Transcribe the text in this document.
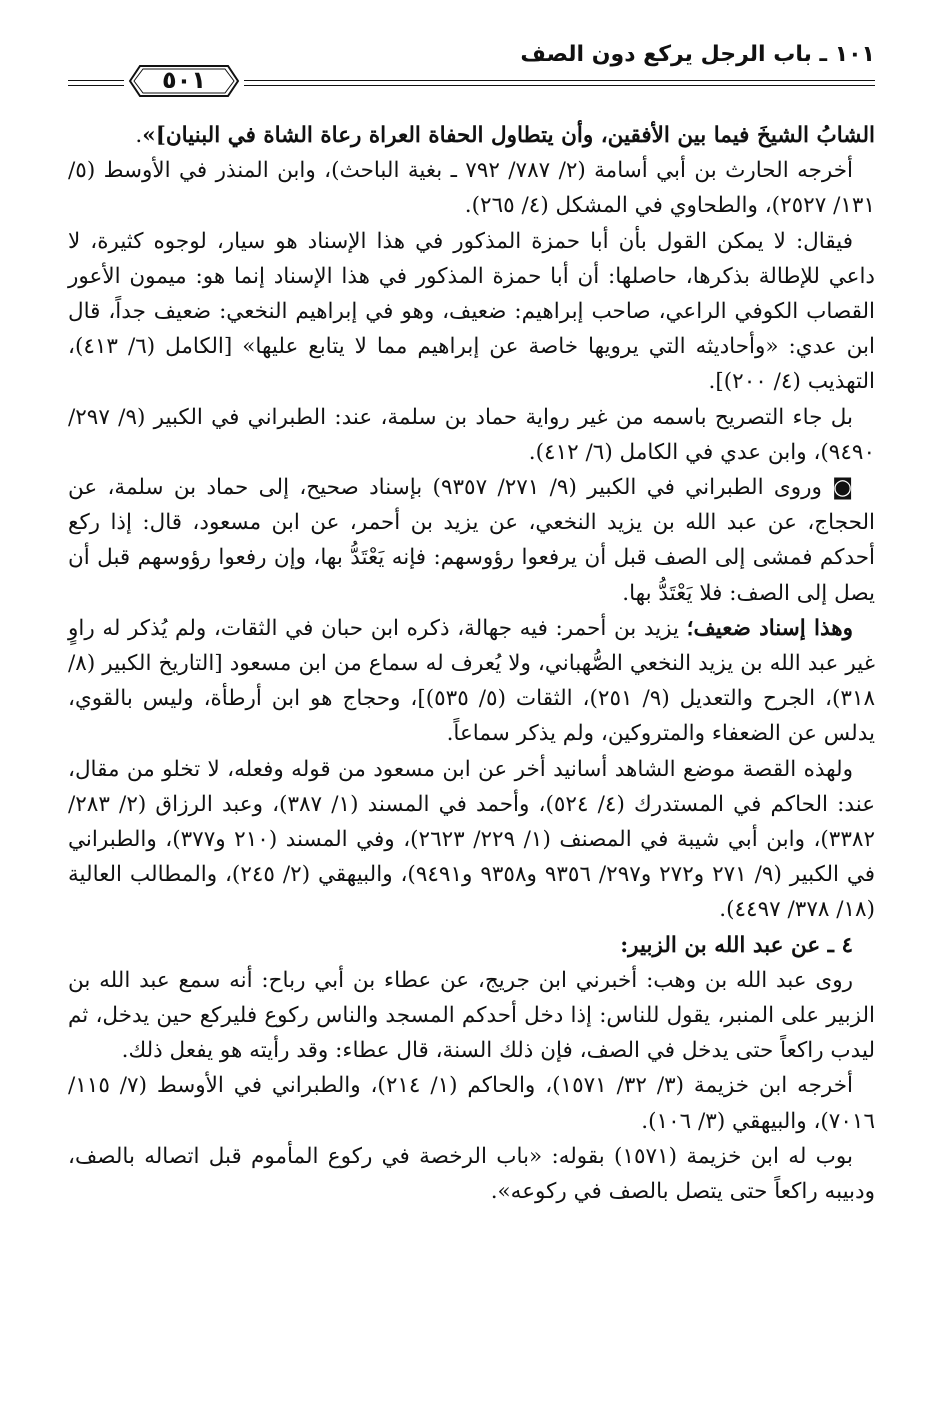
١٠١ ـ باب الرجل يركع دون الصف
٥٠١

الشابُ الشيخَ فيما بين الأفقين، وأن يتطاول الحفاة العراة رعاة الشاة في البنيان]».

أخرجه الحارث بن أبي أسامة (٢/ ٧٨٧/ ٧٩٢ ـ بغية الباحث)، وابن المنذر في الأوسط (٥/ ١٣١/ ٢٥٢٧)، والطحاوي في المشكل (٤/ ٢٦٥).

فيقال: لا يمكن القول بأن أبا حمزة المذكور في هذا الإسناد هو سيار، لوجوه كثيرة، لا داعي للإطالة بذكرها، حاصلها: أن أبا حمزة المذكور في هذا الإسناد إنما هو: ميمون الأعور القصاب الكوفي الراعي، صاحب إبراهيم: ضعيف، وهو في إبراهيم النخعي: ضعيف جداً، قال ابن عدي: «وأحاديثه التي يرويها خاصة عن إبراهيم مما لا يتابع عليها» [الكامل (٦/ ٤١٣)، التهذيب (٤/ ٢٠٠)].

بل جاء التصريح باسمه من غير رواية حماد بن سلمة، عند: الطبراني في الكبير (٩/ ٢٩٧/ ٩٤٩٠)، وابن عدي في الكامل (٦/ ٤١٢).

◙ وروى الطبراني في الكبير (٩/ ٢٧١/ ٩٣٥٧) بإسناد صحيح، إلى حماد بن سلمة، عن الحجاج، عن عبد الله بن يزيد النخعي، عن يزيد بن أحمر، عن ابن مسعود، قال: إذا ركع أحدكم فمشى إلى الصف قبل أن يرفعوا رؤوسهم: فإنه يَعْتَدُّ بها، وإن رفعوا رؤوسهم قبل أن يصل إلى الصف: فلا يَعْتَدُّ بها.

وهذا إسناد ضعيف؛ يزيد بن أحمر: فيه جهالة، ذكره ابن حبان في الثقات، ولم يُذكر له راوٍ غير عبد الله بن يزيد النخعي الصُّهباني، ولا يُعرف له سماع من ابن مسعود [التاريخ الكبير (٨/ ٣١٨)، الجرح والتعديل (٩/ ٢٥١)، الثقات (٥/ ٥٣٥)]، وحجاج هو ابن أرطأة، وليس بالقوي، يدلس عن الضعفاء والمتروكين، ولم يذكر سماعاً.

ولهذه القصة موضع الشاهد أسانيد أخر عن ابن مسعود من قوله وفعله، لا تخلو من مقال، عند: الحاكم في المستدرك (٤/ ٥٢٤)، وأحمد في المسند (١/ ٣٨٧)، وعبد الرزاق (٢/ ٢٨٣/ ٣٣٨٢)، وابن أبي شيبة في المصنف (١/ ٢٢٩/ ٢٦٢٣)، وفي المسند (٢١٠ و٣٧٧)، والطبراني في الكبير (٩/ ٢٧١ و٢٧٢ و٢٩٧/ ٩٣٥٦ و٩٣٥٨ و٩٤٩١)، والبيهقي (٢/ ٢٤٥)، والمطالب العالية (١٨/ ٣٧٨/ ٤٤٩٧).

٤ ـ عن عبد الله بن الزبير:

روى عبد الله بن وهب: أخبرني ابن جريج، عن عطاء بن أبي رباح: أنه سمع عبد الله بن الزبير على المنبر، يقول للناس: إذا دخل أحدكم المسجد والناس ركوع فليركع حين يدخل، ثم ليدب راكعاً حتى يدخل في الصف، فإن ذلك السنة، قال عطاء: وقد رأيته هو يفعل ذلك.

أخرجه ابن خزيمة (٣/ ٣٢/ ١٥٧١)، والحاكم (١/ ٢١٤)، والطبراني في الأوسط (٧/ ١١٥/ ٧٠١٦)، والبيهقي (٣/ ١٠٦).

بوب له ابن خزيمة (١٥٧١) بقوله: «باب الرخصة في ركوع المأموم قبل اتصاله بالصف، ودبيبه راكعاً حتى يتصل بالصف في ركوعه».
